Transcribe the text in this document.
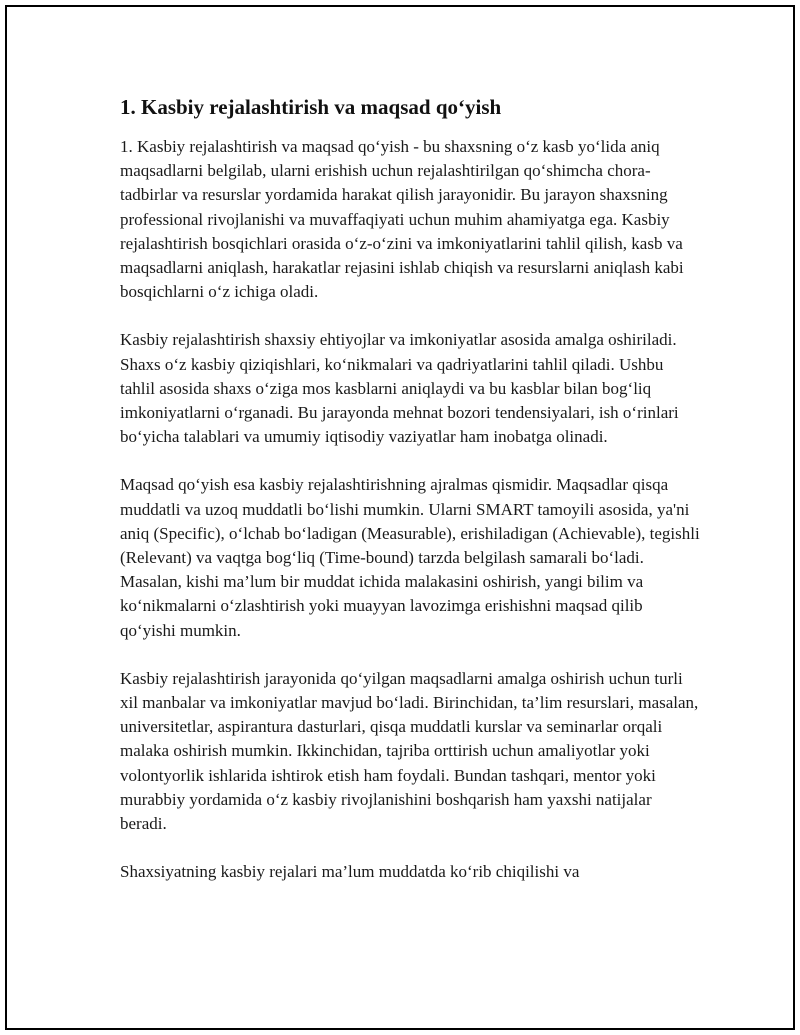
1. Kasbiy rejalashtirish va maqsad qo‘yish

1. Kasbiy rejalashtirish va maqsad qo‘yish - bu shaxsning o‘z kasb yo‘lida aniq maqsadlarni belgilab, ularni erishish uchun rejalashtirilgan qo‘shimcha chora-tadbirlar va resurslar yordamida harakat qilish jarayonidir. Bu jarayon shaxsning professional rivojlanishi va muvaffaqiyati uchun muhim ahamiyatga ega. Kasbiy rejalashtirish bosqichlari orasida o‘z-o‘zini va imkoniyatlarini tahlil qilish, kasb va maqsadlarni aniqlash, harakatlar rejasini ishlab chiqish va resurslarni aniqlash kabi bosqichlarni o‘z ichiga oladi.

Kasbiy rejalashtirish shaxsiy ehtiyojlar va imkoniyatlar asosida amalga oshiriladi. Shaxs o‘z kasbiy qiziqishlari, ko‘nikmalari va qadriyatlarini tahlil qiladi. Ushbu tahlil asosida shaxs o‘ziga mos kasblarni aniqlaydi va bu kasblar bilan bog‘liq imkoniyatlarni o‘rganadi. Bu jarayonda mehnat bozori tendensiyalari, ish o‘rinlari bo‘yicha talablari va umumiy iqtisodiy vaziyatlar ham inobatga olinadi.

Maqsad qo‘yish esa kasbiy rejalashtirishning ajralmas qismidir. Maqsadlar qisqa muddatli va uzoq muddatli bo‘lishi mumkin. Ularni SMART tamoyili asosida, ya'ni aniq (Specific), o‘lchab bo‘ladigan (Measurable), erishiladigan (Achievable), tegishli (Relevant) va vaqtga bog‘liq (Time-bound) tarzda belgilash samarali bo‘ladi. Masalan, kishi ma’lum bir muddat ichida malakasini oshirish, yangi bilim va ko‘nikmalarni o‘zlashtirish yoki muayyan lavozimga erishishni maqsad qilib qo‘yishi mumkin.

Kasbiy rejalashtirish jarayonida qo‘yilgan maqsadlarni amalga oshirish uchun turli xil manbalar va imkoniyatlar mavjud bo‘ladi. Birinchidan, ta’lim resurslari, masalan, universitetlar, aspirantura dasturlari, qisqa muddatli kurslar va seminarlar orqali malaka oshirish mumkin. Ikkinchidan, tajriba orttirish uchun amaliyotlar yoki volontyorlik ishlarida ishtirok etish ham foydali. Bundan tashqari, mentor yoki murabbiy yordamida o‘z kasbiy rivojlanishini boshqarish ham yaxshi natijalar beradi.

Shaxsiyatning kasbiy rejalari ma’lum muddatda ko‘rib chiqilishi va
